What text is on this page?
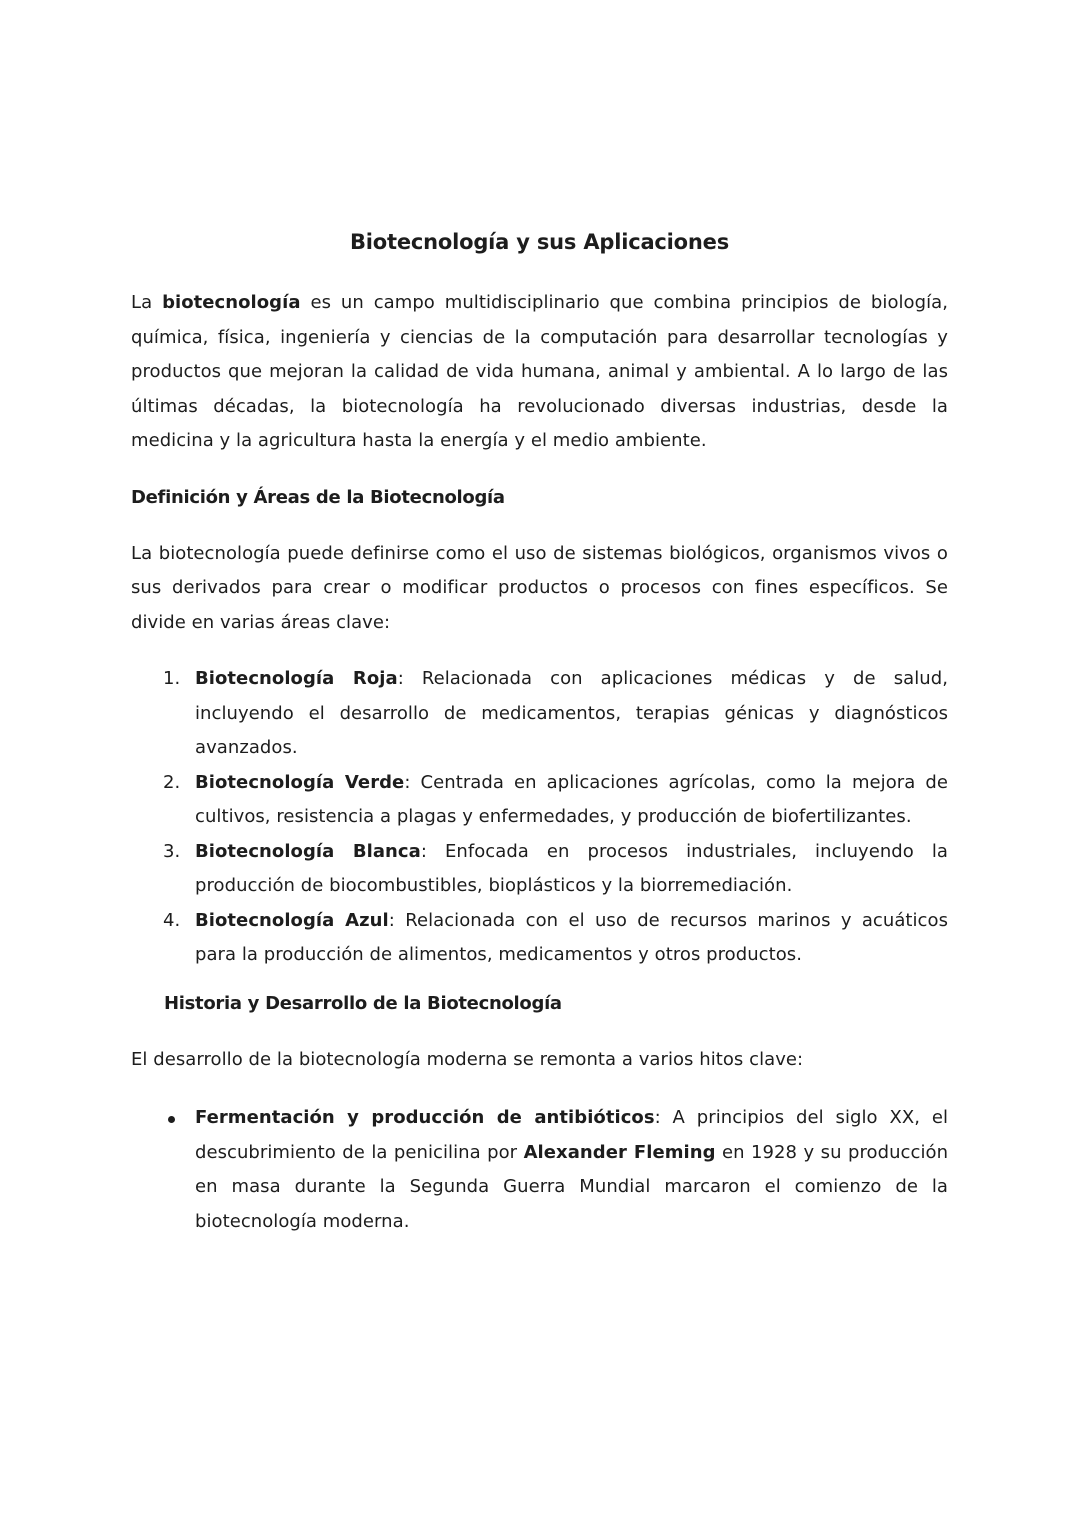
Biotecnología y sus Aplicaciones

La biotecnología es un campo multidisciplinario que combina principios de biología, química, física, ingeniería y ciencias de la computación para desarrollar tecnologías y productos que mejoran la calidad de vida humana, animal y ambiental. A lo largo de las últimas décadas, la biotecnología ha revolucionado diversas industrias, desde la medicina y la agricultura hasta la energía y el medio ambiente.

Definición y Áreas de la Biotecnología

La biotecnología puede definirse como el uso de sistemas biológicos, organismos vivos o sus derivados para crear o modificar productos o procesos con fines específicos. Se divide en varias áreas clave:

1. Biotecnología Roja: Relacionada con aplicaciones médicas y de salud, incluyendo el desarrollo de medicamentos, terapias génicas y diagnósticos avanzados.
2. Biotecnología Verde: Centrada en aplicaciones agrícolas, como la mejora de cultivos, resistencia a plagas y enfermedades, y producción de biofertilizantes.
3. Biotecnología Blanca: Enfocada en procesos industriales, incluyendo la producción de biocombustibles, bioplásticos y la biorremediación.
4. Biotecnología Azul: Relacionada con el uso de recursos marinos y acuáticos para la producción de alimentos, medicamentos y otros productos.
Historia y Desarrollo de la Biotecnología

El desarrollo de la biotecnología moderna se remonta a varios hitos clave:

Fermentación y producción de antibióticos: A principios del siglo XX, el descubrimiento de la penicilina por Alexander Fleming en 1928 y su producción en masa durante la Segunda Guerra Mundial marcaron el comienzo de la biotecnología moderna.
